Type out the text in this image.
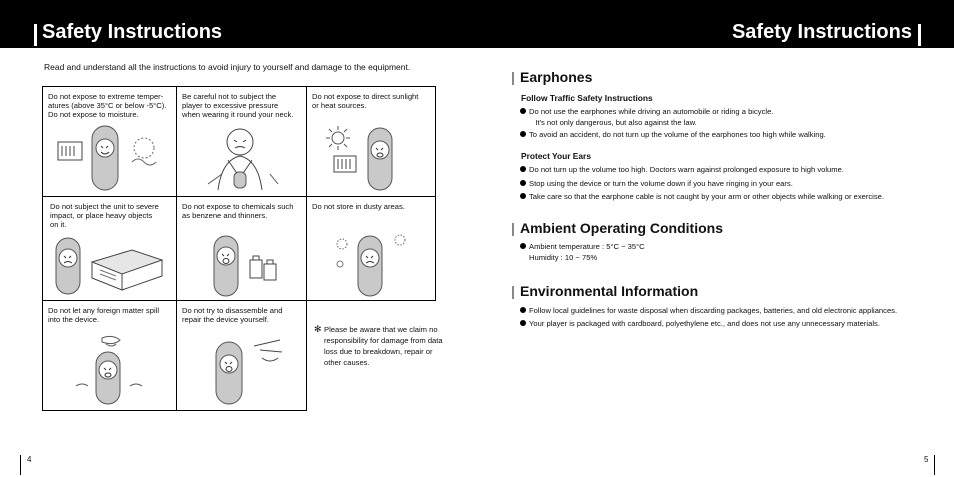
Safety Instructions	Safety Instructions
Read and understand all the instructions to avoid injury to yourself and damage to the equipment.
Do not expose to extreme temper-
atures (above 35°C or below -5°C).
Do not expose to moisture.
Be careful not to subject the
player to excessive pressure
when wearing it round your neck.
Do not expose to direct sunlight
or heat sources.
Do not subject the unit to severe
impact, or place heavy objects
on it.
Do not expose to chemicals such
as benzene and thinners.
Do not store in dusty areas.
Do not let any foreign matter spill
into the device.
Do not try to disassemble and
repair the device yourself.
✻ Please be aware that we claim no
responsibility for damage from data
loss due to breakdown, repair or
other causes.
Earphones
Follow Traffic Safety Instructions

Do not use the earphones while driving an automobile or riding a bicycle.
It's not only dangerous, but also against the law.

To avoid an accident, do not turn up the volume of the earphones too high while walking.

Protect Your Ears

Do not turn up the volume too high. Doctors warn against prolonged exposure to high volume.

Stop using the device or turn the volume down if you have ringing in your ears.

Take care so that the earphone cable is not caught by your arm or other objects while walking or exercise.

Ambient Operating Conditions

Ambient temperature : 5°C ~ 35°C
Humidity : 10 ~ 75%

Environmental Information

Follow local guidelines for waste disposal when discarding packages, batteries, and old electronic appliances.

Your player is packaged with cardboard, polyethylene etc., and does not use any unnecessary materials.

4	5
